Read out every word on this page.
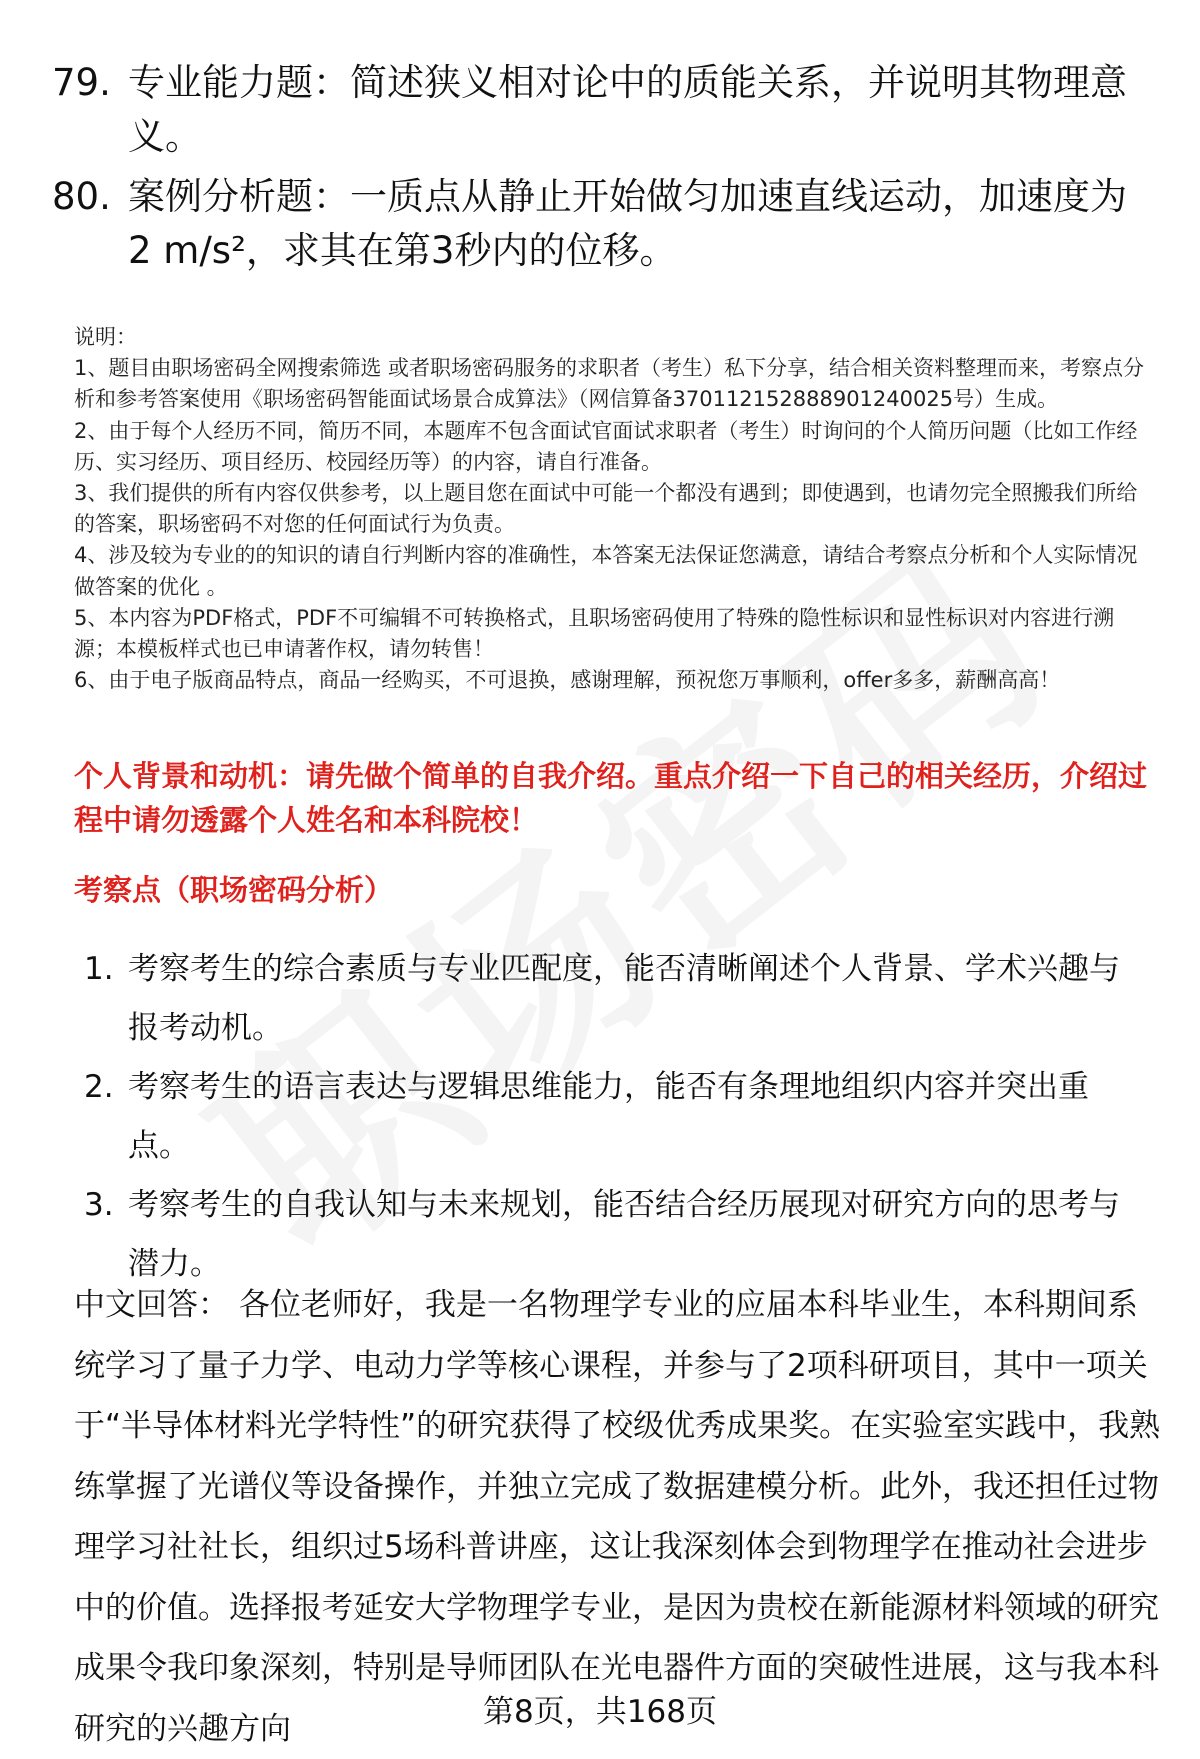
79. 专业能力题：简述狭义相对论中的质能关系，并说明其物理意义。
80. 案例分析题：一质点从静止开始做匀加速直线运动，加速度为2 m/s²，求其在第3秒内的位移。

说明：

1、题目由职场密码全网搜索筛选 或者职场密码服务的求职者（考生）私下分享，结合相关资料整理而来，考察点分析和参考答案使用《职场密码智能面试场景合成算法》（网信算备370112152888901240025号）生成。

2、由于每个人经历不同，简历不同，本题库不包含面试官面试求职者（考生）时询问的个人简历问题（比如工作经历、实习经历、项目经历、校园经历等）的内容，请自行准备。

3、我们提供的所有内容仅供参考，以上题目您在面试中可能一个都没有遇到；即使遇到，也请勿完全照搬我们所给的答案，职场密码不对您的任何面试行为负责。

4、涉及较为专业的的知识的请自行判断内容的准确性，本答案无法保证您满意，请结合考察点分析和个人实际情况做答案的优化 。

5、本内容为PDF格式，PDF不可编辑不可转换格式，且职场密码使用了特殊的隐性标识和显性标识对内容进行溯源；本模板样式也已申请著作权，请勿转售！

6、由于电子版商品特点，商品一经购买，不可退换，感谢理解，预祝您万事顺利，offer多多，薪酬高高！

个人背景和动机：请先做个简单的自我介绍。重点介绍一下自己的相关经历，介绍过程中请勿透露个人姓名和本科院校！
考察点（职场密码分析）
1. 考察考生的综合素质与专业匹配度，能否清晰阐述个人背景、学术兴趣与报考动机。
2. 考察考生的语言表达与逻辑思维能力，能否有条理地组织内容并突出重点。
3. 考察考生的自我认知与未来规划，能否结合经历展现对研究方向的思考与潜力。
中文回答： 各位老师好，我是一名物理学专业的应届本科毕业生，本科期间系统学习了量子力学、电动力学等核心课程，并参与了2项科研项目，其中一项关于“半导体材料光学特性”的研究获得了校级优秀成果奖。在实验室实践中，我熟练掌握了光谱仪等设备操作，并独立完成了数据建模分析。此外，我还担任过物理学习社社长，组织过5场科普讲座，这让我深刻体会到物理学在推动社会进步中的价值。选择报考延安大学物理学专业，是因为贵校在新能源材料领域的研究成果令我印象深刻，特别是导师团队在光电器件方面的突破性进展，这与我本科研究的兴趣方向	第8页，共168页
